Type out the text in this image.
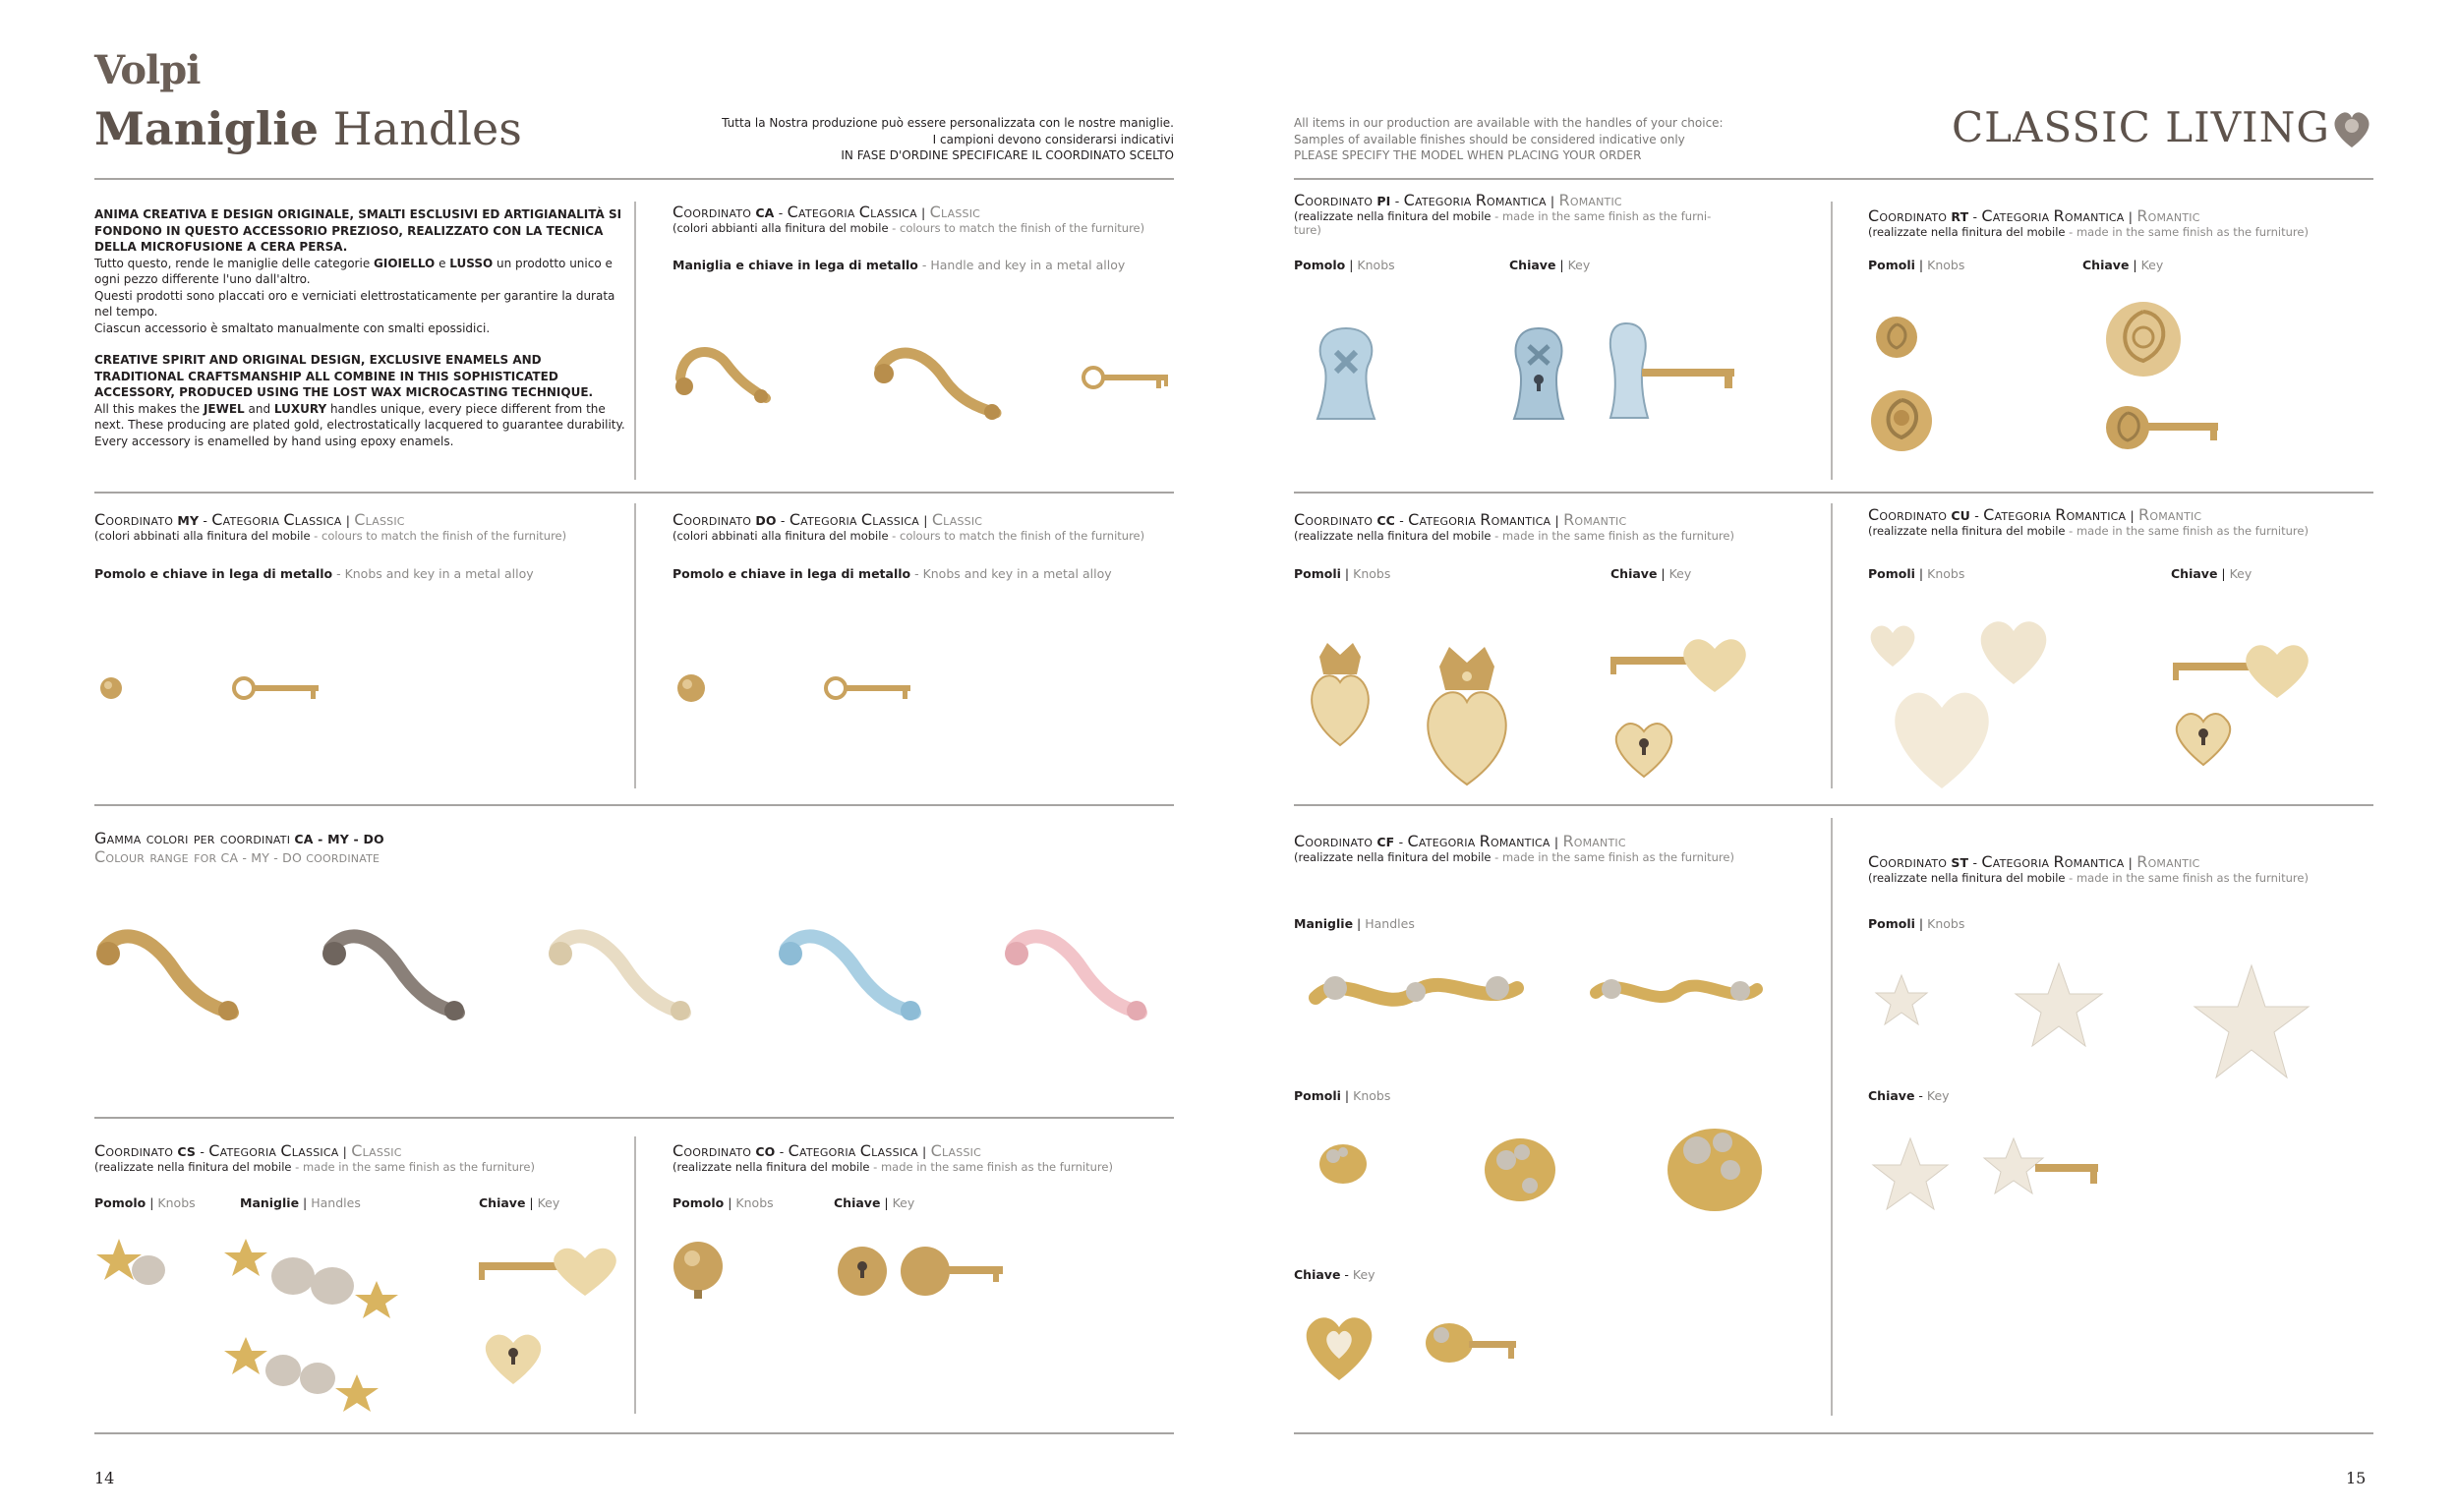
Volpi
Maniglie Handles	Tutta la Nostra produzione può essere personalizzata con le nostre maniglie.
I campioni devono considerarsi indicativi
IN FASE D'ORDINE SPECIFICARE IL COORDINATO SCELTO
ANIMA CREATIVA E DESIGN ORIGINALE, SMALTI ESCLUSIVI ED ARTIGIANALITÀ SI FONDONO IN QUESTO ACCESSORIO PREZIOSO, REALIZZATO CON LA TECNICA DELLA MICROFUSIONE A CERA PERSA.
Tutto questo, rende le maniglie delle categorie GIOIELLO e LUSSO un prodotto unico e ogni pezzo differente l'uno dall'altro.
Questi prodotti sono placcati oro e verniciati elettrostaticamente per garantire la durata nel tempo.
Ciascun accessorio è smaltato manualmente con smalti epossidici.
CREATIVE SPIRIT AND ORIGINAL DESIGN, EXCLUSIVE ENAMELS AND TRADITIONAL CRAFTSMANSHIP ALL COMBINE IN THIS SOPHISTICATED ACCESSORY, PRODUCED USING THE LOST WAX MICROCASTING TECHNIQUE.
All this makes the JEWEL and LUXURY handles unique, every piece different from the next. These producing are plated gold, electrostatically lacquered to guarantee durability. Every accessory is enamelled by hand using epoxy enamels.
Coordinato CA - Categoria Classica | Classic
(colori abbianti alla finitura del mobile - colours to match the finish of the furniture)
Maniglia e chiave in lega di metallo - Handle and key in a metal alloy
Coordinato MY - Categoria Classica | Classic
(colori abbinati alla finitura del mobile - colours to match the finish of the furniture)
Pomolo e chiave in lega di metallo - Knobs and key in a metal alloy
Coordinato DO - Categoria Classica | Classic
(colori abbinati alla finitura del mobile - colours to match the finish of the furniture)
Pomolo e chiave in lega di metallo - Knobs and key in a metal alloy
Gamma colori per coordinati CA - MY - DO
Colour range for CA - MY - DO coordinate
Coordinato CS - Categoria Classica | Classic
(realizzate nella finitura del mobile - made in the same finish as the furniture)
Pomolo | Knobs	Maniglie | Handles	Chiave | Key
Coordinato CO - Categoria Classica | Classic
(realizzate nella finitura del mobile - made in the same finish as the furniture)
Pomolo | Knobs	Chiave | Key
14
All items in our production are available with the handles of your choice:
Samples of available finishes should be considered indicative only
PLEASE SPECIFY THE MODEL WHEN PLACING YOUR ORDER
CLASSIC LIVING
Coordinato PI - Categoria Romantica | Romantic
(realizzate nella finitura del mobile - made in the same finish as the furni-
ture)
Pomolo | Knobs	Chiave | Key
Coordinato RT - Categoria Romantica | Romantic
(realizzate nella finitura del mobile - made in the same finish as the furniture)
Pomoli | Knobs	Chiave | Key
Coordinato CC - Categoria Romantica | Romantic
(realizzate nella finitura del mobile - made in the same finish as the furniture)
Pomoli | Knobs	Chiave | Key
Coordinato CU - Categoria Romantica | Romantic
(realizzate nella finitura del mobile - made in the same finish as the furniture)
Pomoli | Knobs	Chiave | Key
Coordinato CF - Categoria Romantica | Romantic
(realizzate nella finitura del mobile - made in the same finish as the furniture)
Maniglie | Handles
Pomoli | Knobs
Chiave - Key
Coordinato ST - Categoria Romantica | Romantic
(realizzate nella finitura del mobile - made in the same finish as the furniture)
Pomoli | Knobs
Chiave - Key
15
